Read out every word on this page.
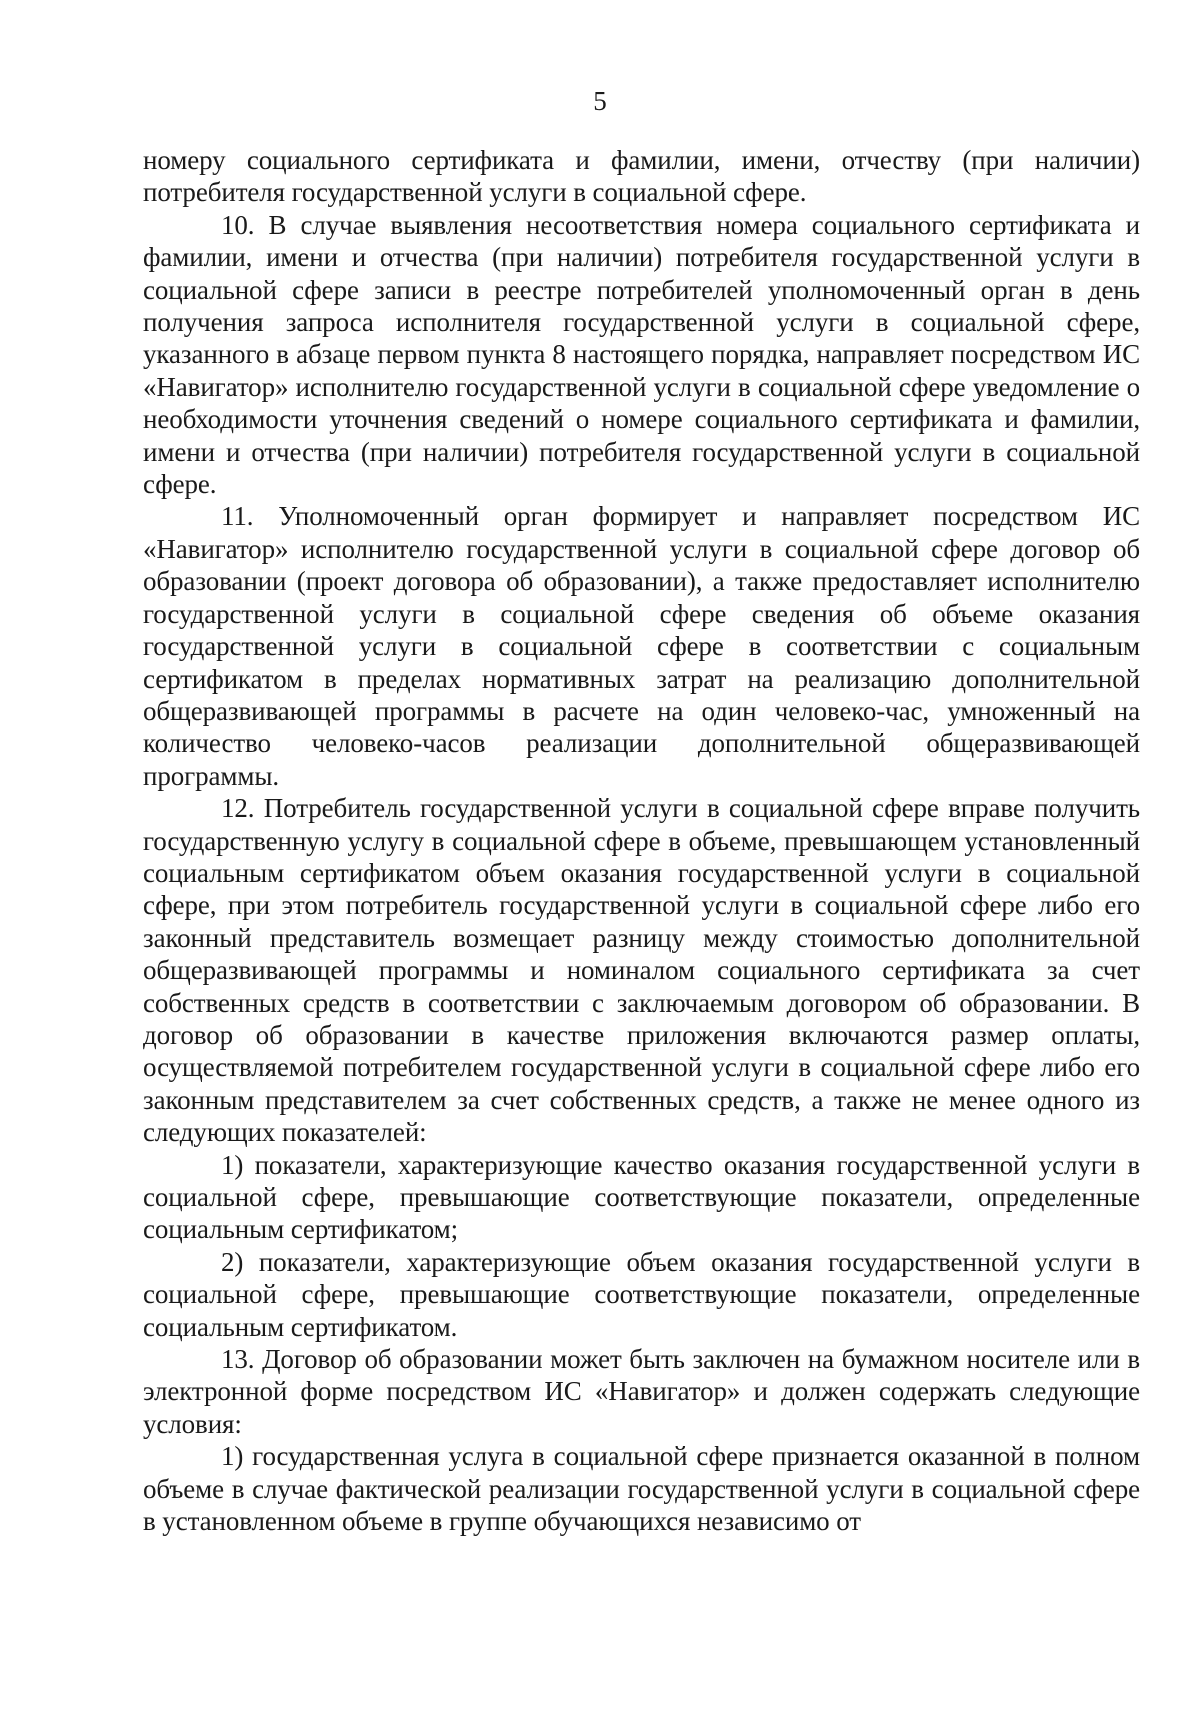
5

номеру социального сертификата и фамилии, имени, отчеству (при наличии) потребителя государственной услуги в социальной сфере.

10. В случае выявления несоответствия номера социального сертификата и фамилии, имени и отчества (при наличии) потребителя государственной услуги в социальной сфере записи в реестре потребителей уполномоченный орган в день получения запроса исполнителя государственной услуги в социальной сфере, указанного в абзаце первом пункта 8 настоящего порядка, направляет посредством ИС «Навигатор» исполнителю государственной услуги в социальной сфере уведомление о необходимости уточнения сведений о номере социального сертификата и фамилии, имени и отчества (при наличии) потребителя государственной услуги в социальной сфере.

11. Уполномоченный орган формирует и направляет посредством ИС «Навигатор» исполнителю государственной услуги в социальной сфере договор об образовании (проект договора об образовании), а также предоставляет исполнителю государственной услуги в социальной сфере сведения об объеме оказания государственной услуги в социальной сфере в соответствии с социальным сертификатом в пределах нормативных затрат на реализацию дополнительной общеразвивающей программы в расчете на один человеко-час, умноженный на количество человеко-часов реализации дополнительной общеразвивающей программы.

12. Потребитель государственной услуги в социальной сфере вправе получить государственную услугу в социальной сфере в объеме, превышающем установленный социальным сертификатом объем оказания государственной услуги в социальной сфере, при этом потребитель государственной услуги в социальной сфере либо его законный представитель возмещает разницу между стоимостью дополнительной общеразвивающей программы и номиналом социального сертификата за счет собственных средств в соответствии с заключаемым договором об образовании. В договор об образовании в качестве приложения включаются размер оплаты, осуществляемой потребителем государственной услуги в социальной сфере либо его законным представителем за счет собственных средств, а также не менее одного из следующих показателей:

1) показатели, характеризующие качество оказания государственной услуги в социальной сфере, превышающие соответствующие показатели, определенные социальным сертификатом;

2) показатели, характеризующие объем оказания государственной услуги в социальной сфере, превышающие соответствующие показатели, определенные социальным сертификатом.

13. Договор об образовании может быть заключен на бумажном носителе или в электронной форме посредством ИС «Навигатор» и должен содержать следующие условия:

1) государственная услуга в социальной сфере признается оказанной в полном объеме в случае фактической реализации государственной услуги в социальной сфере в установленном объеме в группе обучающихся независимо от
